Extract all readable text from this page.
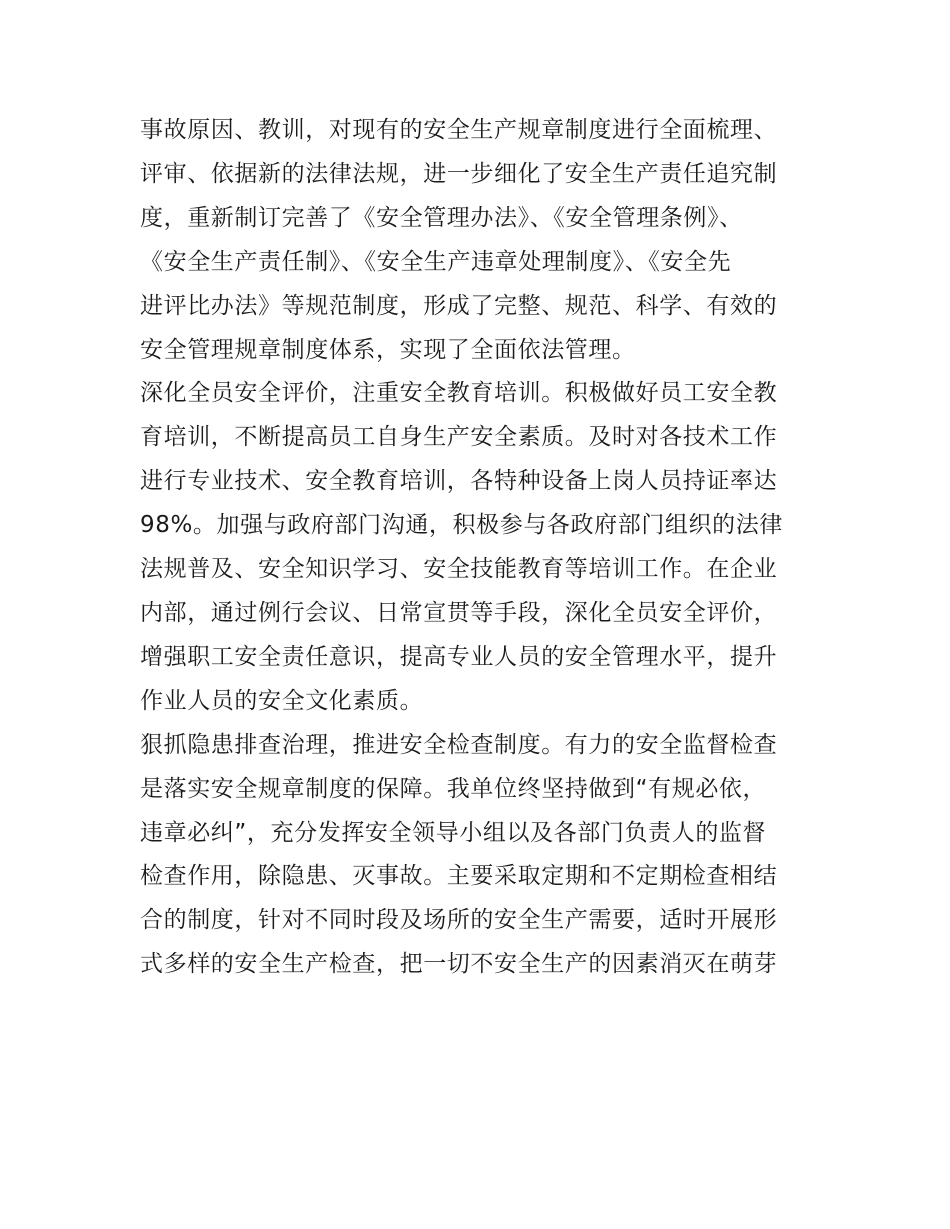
事故原因、教训，对现有的安全生产规章制度进行全面梳理、
评审、依据新的法律法规，进一步细化了安全生产责任追究制
度，重新制订完善了《安全管理办法》、《安全管理条例》、
《安全生产责任制》、《安全生产违章处理制度》、《安全先
进评比办法》等规范制度，形成了完整、规范、科学、有效的
安全管理规章制度体系，实现了全面依法管理。
深化全员安全评价，注重安全教育培训。积极做好员工安全教
育培训，不断提高员工自身生产安全素质。及时对各技术工作
进行专业技术、安全教育培训，各特种设备上岗人员持证率达
98%。加强与政府部门沟通，积极参与各政府部门组织的法律
法规普及、安全知识学习、安全技能教育等培训工作。在企业
内部，通过例行会议、日常宣贯等手段，深化全员安全评价，
增强职工安全责任意识，提高专业人员的安全管理水平，提升
作业人员的安全文化素质。
狠抓隐患排查治理，推进安全检查制度。有力的安全监督检查
是落实安全规章制度的保障。我单位终坚持做到“有规必依，
违章必纠”，充分发挥安全领导小组以及各部门负责人的监督
检查作用，除隐患、灭事故。主要采取定期和不定期检查相结
合的制度，针对不同时段及场所的安全生产需要，适时开展形
式多样的安全生产检查，把一切不安全生产的因素消灭在萌芽
